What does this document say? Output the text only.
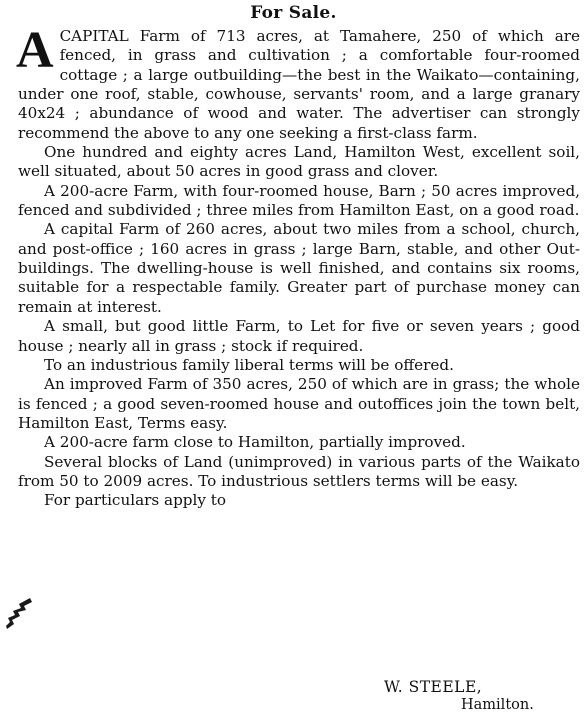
For Sale.

A CAPITAL Farm of 713 acres, at Tamahere, 250 of which are fenced, in grass and cultivation ; a comfortable four-roomed cottage ; a large outbuilding—the best in the Waikato—containing, under one roof, stable, cowhouse, servants' room, and a large granary 40x24 ; abundance of wood and water. The advertiser can strongly recommend the above to any one seeking a first-class farm.

One hundred and eighty acres Land, Hamilton West, excellent soil, well situated, about 50 acres in good grass and clover.

A 200-acre Farm, with four-roomed house, Barn ; 50 acres improved, fenced and subdivided ; three miles from Hamilton East, on a good road.

A capital Farm of 260 acres, about two miles from a school, church, and post-office ; 160 acres in grass ; large Barn, stable, and other Out-buildings. The dwelling-house is well finished, and contains six rooms, suitable for a respectable family. Greater part of purchase money can remain at interest.

A small, but good little Farm, to Let for five or seven years ; good house ; nearly all in grass ; stock if required.

To an industrious family liberal terms will be offered.

An improved Farm of 350 acres, 250 of which are in grass; the whole is fenced ; a good seven-roomed house and outoffices join the town belt, Hamilton East, Terms easy.

A 200-acre farm close to Hamilton, partially improved.

Several blocks of Land (unimproved) in various parts of the Waikato from 50 to 2009 acres. To industrious settlers terms will be easy.

For particulars apply to

W. STEELE,
Hamilton.
